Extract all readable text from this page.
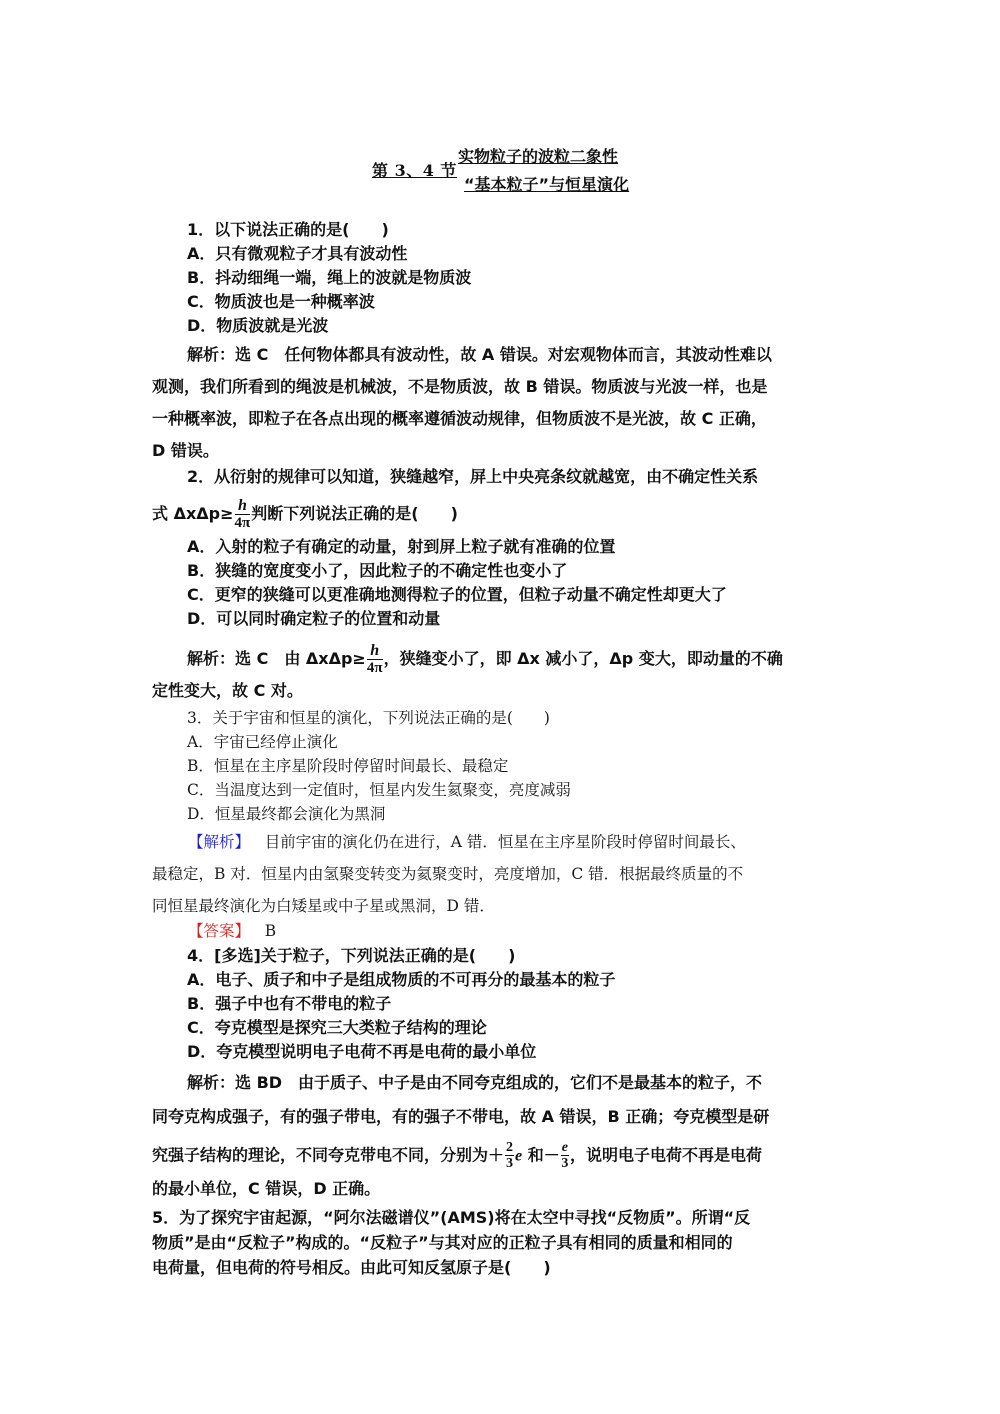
第 3、4 节
实物粒子的波粒二象性
“基本粒子”与恒星演化
1．以下说法正确的是(　　)
A．只有微观粒子才具有波动性
B．抖动细绳一端，绳上的波就是物质波
C．物质波也是一种概率波
D．物质波就是光波
解析：选 C　任何物体都具有波动性，故 A 错误。对宏观物体而言，其波动性难以
观测，我们所看到的绳波是机械波，不是物质波，故 B 错误。物质波与光波一样，也是
一种概率波，即粒子在各点出现的概率遵循波动规律，但物质波不是光波，故 C 正确，
D 错误。
2．从衍射的规律可以知道，狭缝越窄，屏上中央亮条纹就越宽，由不确定性关系
式 $\Delta x\Delta p\ge \frac{h}{4\pi}$ 判断下列说法正确的是(　　)
A．入射的粒子有确定的动量，射到屏上粒子就有准确的位置
B．狭缝的宽度变小了，因此粒子的不确定性也变小了
C．更窄的狭缝可以更准确地测得粒子的位置，但粒子动量不确定性却更大了
D．可以同时确定粒子的位置和动量
解析：选 C　由 $\Delta x\Delta p\ge \frac{h}{4\pi}$ ，狭缝变小了，即 Δx 减小了，Δp 变大，即动量的不确
定性变大，故 C 对。
3．关于宇宙和恒星的演化，下列说法正确的是(　　)
A．宇宙已经停止演化
B．恒星在主序星阶段时停留时间最长、最稳定
C．当温度达到一定值时，恒星内发生氦聚变，亮度减弱
D．恒星最终都会演化为黑洞
【解析】 目前宇宙的演化仍在进行，A 错．恒星在主序星阶段时停留时间最长、
最稳定，B 对．恒星内由氢聚变转变为氦聚变时，亮度增加，C 错．根据最终质量的不
同恒星最终演化为白矮星或中子星或黑洞，D 错．
【答案】 B
4．[多选]关于粒子，下列说法正确的是(　　)
A．电子、质子和中子是组成物质的不可再分的最基本的粒子
B．强子中也有不带电的粒子
C．夸克模型是探究三大类粒子结构的理论
D．夸克模型说明电子电荷不再是电荷的最小单位
解析：选 BD　由于质子、中子是由不同夸克组成的，它们不是最基本的粒子，不
同夸克构成强子，有的强子带电，有的强子不带电，故 A 错误，B 正确；夸克模型是研
究强子结构的理论，不同夸克带电不同，分别为＋ $\frac{2}{3}$ e 和－ $\frac{e}{3}$ ，说明电子电荷不再是电荷
的最小单位，C 错误，D 正确。
5．为了探究宇宙起源，“阿尔法磁谱仪”(AMS)将在太空中寻找“反物质”。所谓“反
物质”是由“反粒子”构成的。“反粒子”与其对应的正粒子具有相同的质量和相同的
电荷量，但电荷的符号相反。由此可知反氢原子是(　　)
